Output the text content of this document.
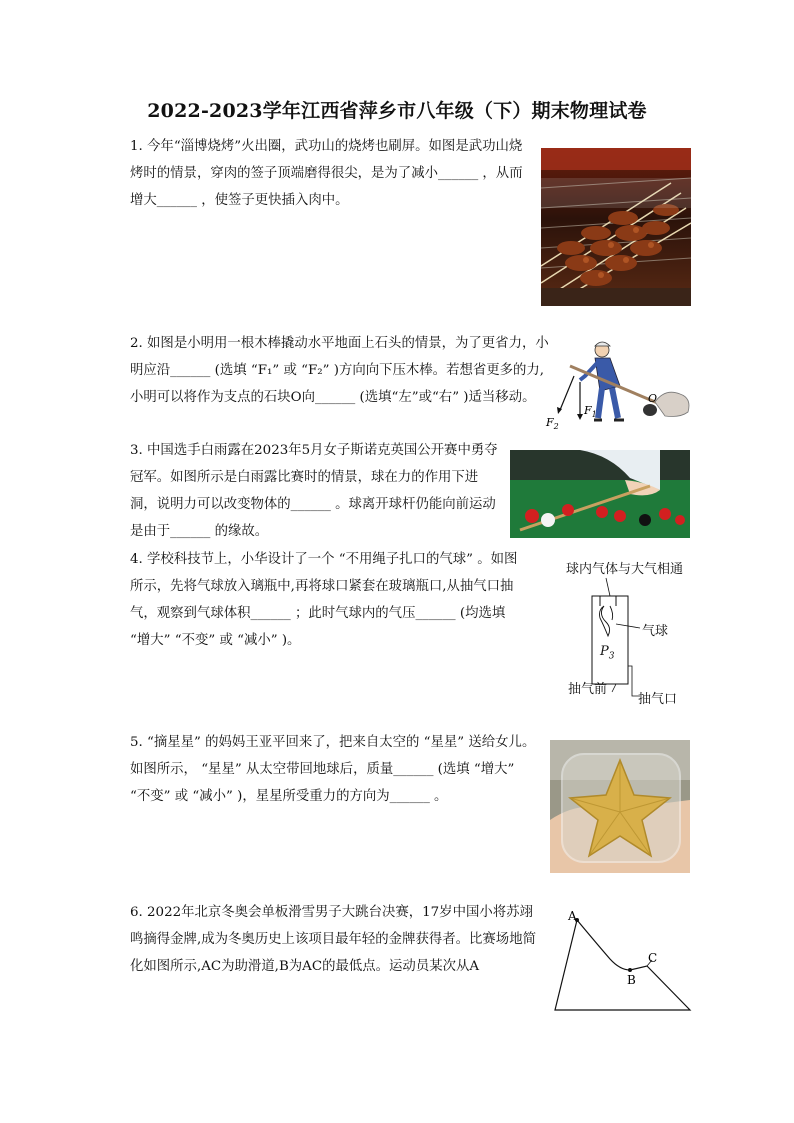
2022-2023学年江西省萍乡市八年级（下）期末物理试卷
1. 今年“淄博烧烤”火出圈，武功山的烧烤也刷屏。如图是武功山烧烤时的情景，穿肉的签子顶端磨得很尖，是为了减小______ ，从而增大______ ，使签子更快插入肉中。
2. 如图是小明用一根木棒撬动水平地面上石头的情景，为了更省力，小明应沿______ (选填 “F₁” 或 “F₂” )方向向下压木棒。若想省更多的力,小明可以将作为支点的石块O向______ (选填“左”或“右” )适当移动。
$F_1$
$F_2$
O
3. 中国选手白雨露在2023年5月女子斯诺克英国公开赛中勇夺冠军。如图所示是白雨露比赛时的情景，球在力的作用下进洞，说明力可以改变物体的______ 。球离开球杆仍能向前运动是由于______ 的缘故。
4. 学校科技节上，小华设计了一个 “不用绳子扎口的气球” 。如图所示，先将气球放入璃瓶中,再将球口紧套在玻璃瓶口,从抽气口抽气，观察到气球体积______ ；此时气球内的气压______ (均选填 “增大” “不变” 或 “减小” )。
球内气体与大气相通
气球
$P_3$
抽气前
抽气口
5. “摘星星” 的妈妈王亚平回来了，把来自太空的 “星星” 送给女儿。如图所示， “星星” 从太空带回地球后，质量______ (选填 “增大” “不变” 或 “减小” )，星星所受重力的方向为______ 。
6. 2022年北京冬奥会单板滑雪男子大跳台决赛，17岁中国小将苏翊鸣摘得金牌,成为冬奥历史上该项目最年轻的金牌获得者。比赛场地简化如图所示,AC为助滑道,B为AC的最低点。运动员某次从A
A
B
C
